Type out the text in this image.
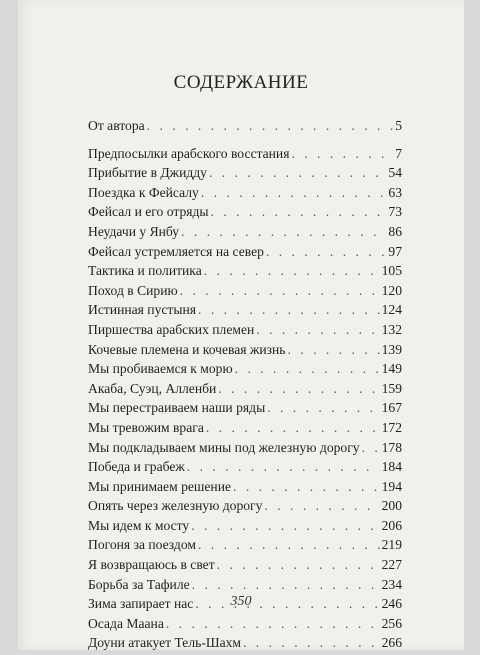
СОДЕРЖАНИЕ
От автора . . .	5
Предпосылки арабского восстания . . .	7
Прибытие в Джидду . . .	54
Поездка к Фейсалу . . .	63
Фейсал и его отряды . . .	73
Неудачи у Янбу . . .	86
Фейсал устремляется на север . . .	97
Тактика и политика . . .	105
Поход в Сирию . . .	120
Истинная пустыня . . .	124
Пиршества арабских племен . . .	132
Кочевые племена и кочевая жизнь . . .	139
Мы пробиваемся к морю . . .	149
Акаба, Суэц, Алленби . . .	159
Мы перестраиваем наши ряды . . .	167
Мы тревожим врага . . .	172
Мы подкладываем мины под железную дорогу . . . 178
Победа и грабеж . . .	184
Мы принимаем решение . . .	194
Опять через железную дорогу . . .	200
Мы идем к мосту . . .	206
Погоня за поездом . . .	219
Я возвращаюсь в свет . . .	227
Борьба за Тафиле . . .	234
Зима запирает нас . . .	246
Осада Маана . . .	256
Доуни атакует Тель-Шахм . . .	266
350
